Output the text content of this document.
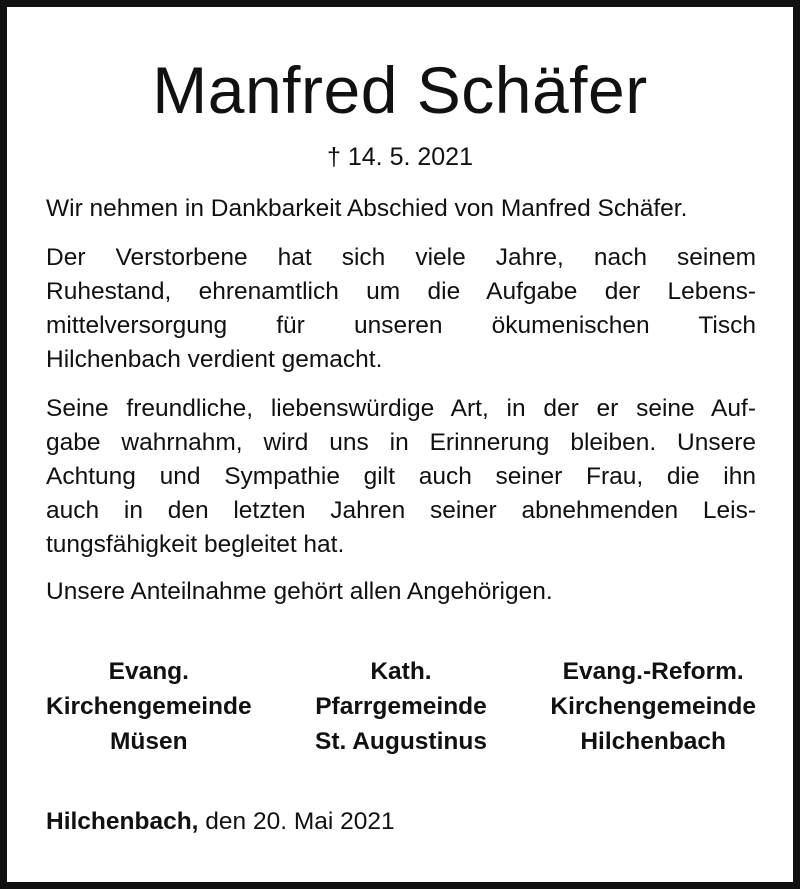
Manfred Schäfer
† 14. 5. 2021
Wir nehmen in Dankbarkeit Abschied von Manfred Schäfer.
Der Verstorbene hat sich viele Jahre, nach seinem
Ruhestand, ehrenamtlich um die Aufgabe der Lebens-
mittelversorgung für unseren ökumenischen Tisch
Hilchenbach verdient gemacht.
Seine freundliche, liebenswürdige Art, in der er seine Auf-
gabe wahrnahm, wird uns in Erinnerung bleiben. Unsere
Achtung und Sympathie gilt auch seiner Frau, die ihn
auch in den letzten Jahren seiner abnehmenden Leis-
tungsfähigkeit begleitet hat.
Unsere Anteilnahme gehört allen Angehörigen.
Evang.
Kirchengemeinde
Müsen
Kath.
Pfarrgemeinde
St. Augustinus
Evang.-Reform.
Kirchengemeinde
Hilchenbach
Hilchenbach, den 20. Mai 2021
